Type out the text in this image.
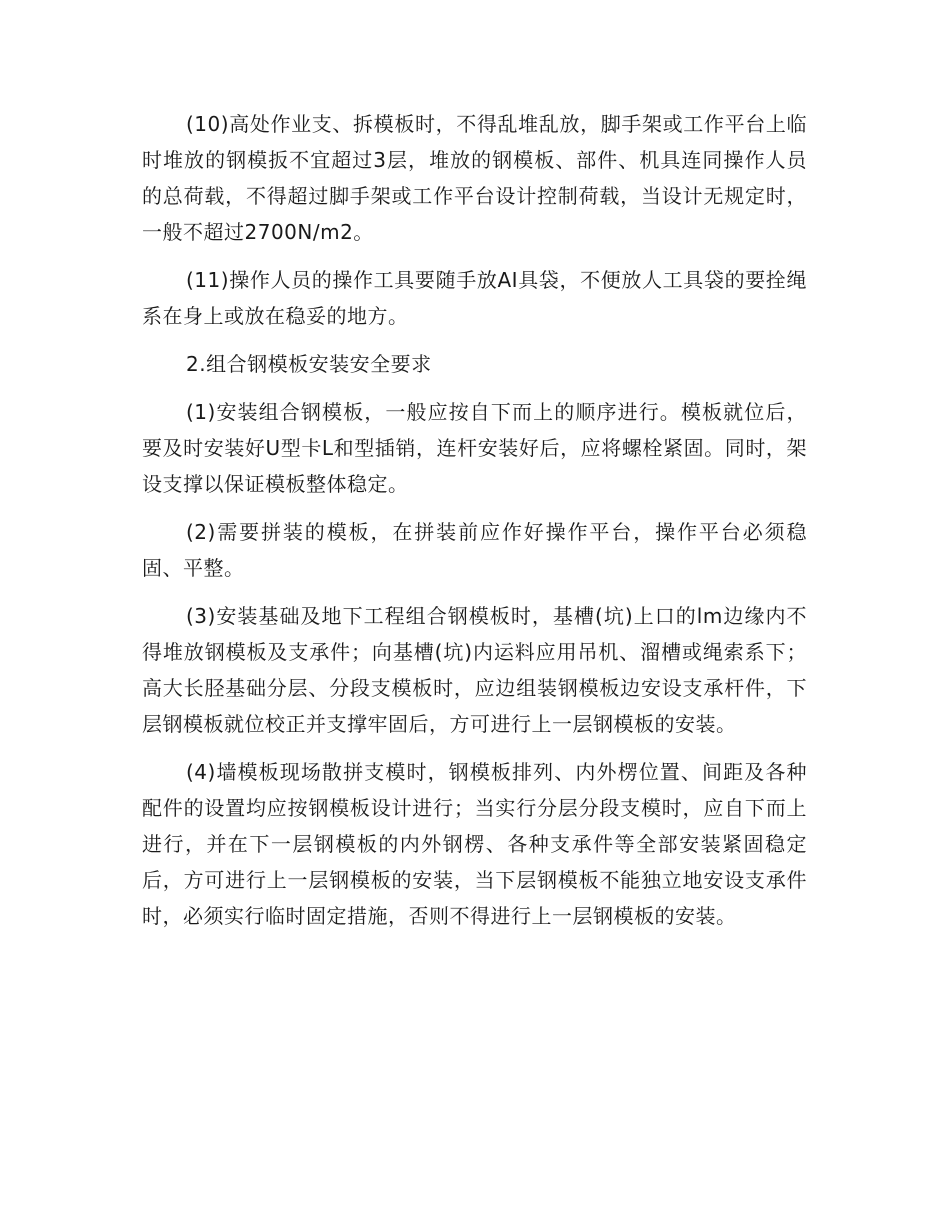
(10)高处作业支、拆模板时，不得乱堆乱放，脚手架或工作平台上临时堆放的钢模扳不宜超过3层，堆放的钢模板、部件、机具连同操作人员的总荷载，不得超过脚手架或工作平台设计控制荷载，当设计无规定时，一般不超过2700N/m2。

(11)操作人员的操作工具要随手放AI具袋，不便放人工具袋的要拴绳系在身上或放在稳妥的地方。

2.组合钢模板安装安全要求

(1)安装组合钢模板，一般应按自下而上的顺序进行。模板就位后，要及时安装好U型卡L和型插销，连杆安装好后，应将螺栓紧固。同时，架设支撑以保证模板整体稳定。

(2)需要拼装的模板，在拼装前应作好操作平台，操作平台必须稳固、平整。

(3)安装基础及地下工程组合钢模板时，基槽(坑)上口的lm边缘内不得堆放钢模板及支承件；向基槽(坑)内运料应用吊机、溜槽或绳索系下；高大长胫基础分层、分段支模板时，应边组装钢模板边安设支承杆件，下层钢模板就位校正并支撑牢固后，方可进行上一层钢模板的安装。

(4)墙模板现场散拼支模时，钢模板排列、内外楞位置、间距及各种配件的设置均应按钢模板设计进行；当实行分层分段支模时，应自下而上进行，并在下一层钢模板的内外钢楞、各种支承件等全部安装紧固稳定后，方可进行上一层钢模板的安装，当下层钢模板不能独立地安设支承件时，必须实行临时固定措施，否则不得进行上一层钢模板的安装。
